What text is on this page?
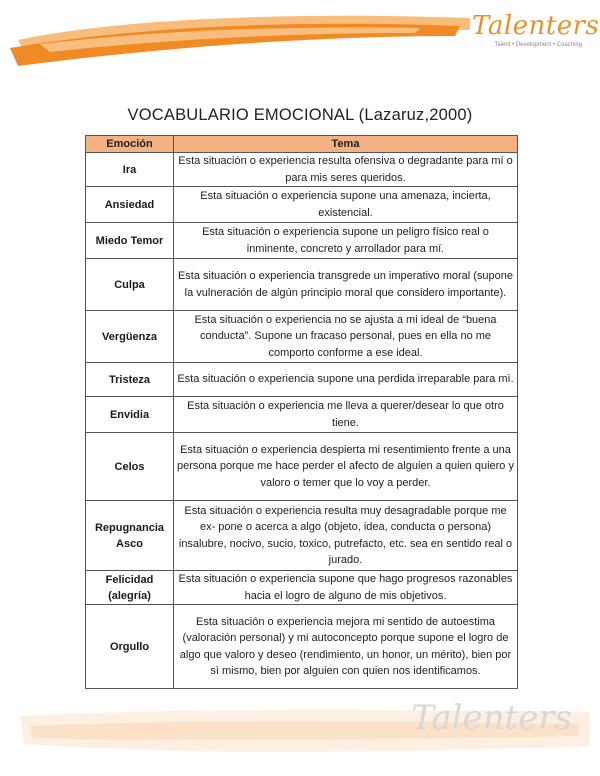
Talenters
Talent • Development • Coaching
VOCABULARIO EMOCIONAL (Lazaruz,2000)
Emoción	Tema
Ira	Esta situación o experiencia resulta ofensiva o degradante para mí o para mis seres queridos.
Ansiedad	Esta situación o experiencia supone una amenaza, incierta, existencial.
Miedo Temor	Esta situación o experiencia supone un peligro físico real o inminente, concreto y arrollador para mí.
Culpa	Esta situación o experiencia transgrede un imperativo moral (supone la vulneración de algún principio moral que considero importante).
Vergüenza	Esta situación o experiencia no se ajusta a mi ideal de “buena conducta”. Supone un fracaso personal, pues en ella no me comporto conforme a ese ideal.
Tristeza	Esta situación o experiencia supone una perdida irreparable para mì.
Envidia	Esta situación o experiencia me lleva a querer/desear lo que otro tiene.
Celos	Esta situación o experiencia despierta mi resentimiento frente a una persona porque me hace perder el afecto de alguien a quien quiero y valoro o temer que lo voy a perder.
Repugnancia Asco	Esta situación o experiencia resulta muy desagradable porque me ex- pone o acerca a algo (objeto, idea, conducta o persona) insalubre, nocivo, sucio, toxico, putrefacto, etc. sea en sentido real o jurado.
Felicidad (alegría)	Esta situación o experiencia supone que hago progresos razonables hacia el logro de alguno de mis objetivos.
Orgullo	Esta situación o experiencia mejora mi sentido de autoestima (valoración personal) y mi autoconcepto porque supone el logro de algo que valoro y deseo (rendimiento, un honor, un mérito), bien por sì mismo, bien por alguien con quien nos identificamos.
Talenters
